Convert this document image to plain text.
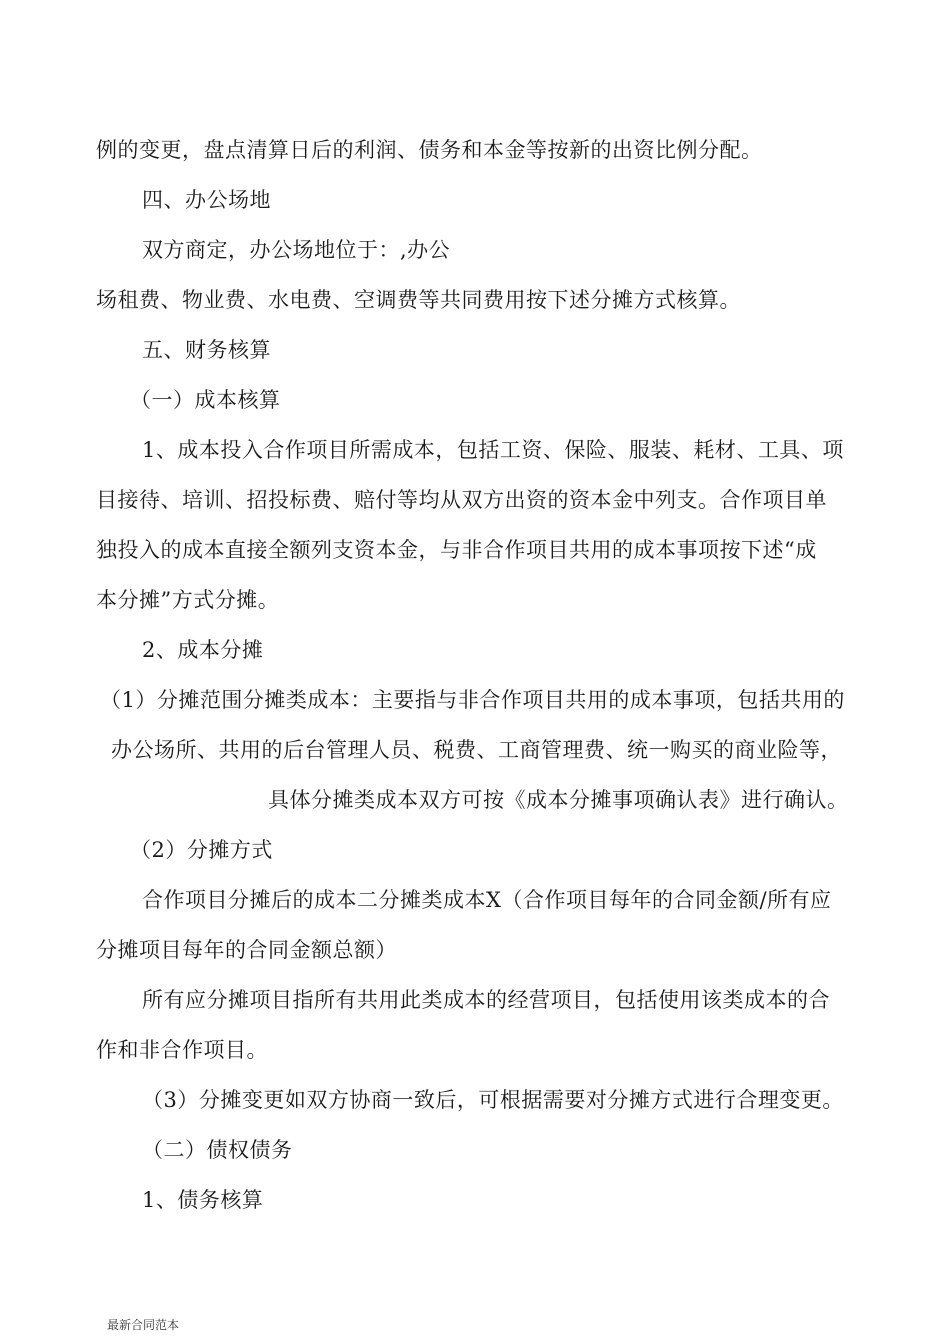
例的变更，盘点清算日后的利润、债务和本金等按新的出资比例分配。
四、办公场地
双方商定，办公场地位于：,办公
场租费、物业费、水电费、空调费等共同费用按下述分摊方式核算。
五、财务核算
（一）成本核算
1、成本投入合作项目所需成本，包括工资、保险、服装、耗材、工具、项
目接待、培训、招投标费、赔付等均从双方出资的资本金中列支。合作项目单
独投入的成本直接全额列支资本金，与非合作项目共用的成本事项按下述“成
本分摊”方式分摊。
2、成本分摊
（1）分摊范围分摊类成本：主要指与非合作项目共用的成本事项，包括共用的
办公场所、共用的后台管理人员、税费、工商管理费、统一购买的商业险等，
具体分摊类成本双方可按《成本分摊事项确认表》进行确认。
（2）分摊方式
合作项目分摊后的成本二分摊类成本X（合作项目每年的合同金额/所有应
分摊项目每年的合同金额总额）
所有应分摊项目指所有共用此类成本的经营项目，包括使用该类成本的合
作和非合作项目。
（3）分摊变更如双方协商一致后，可根据需要对分摊方式进行合理变更。
（二）债权债务
1、债务核算
最新合同范本
